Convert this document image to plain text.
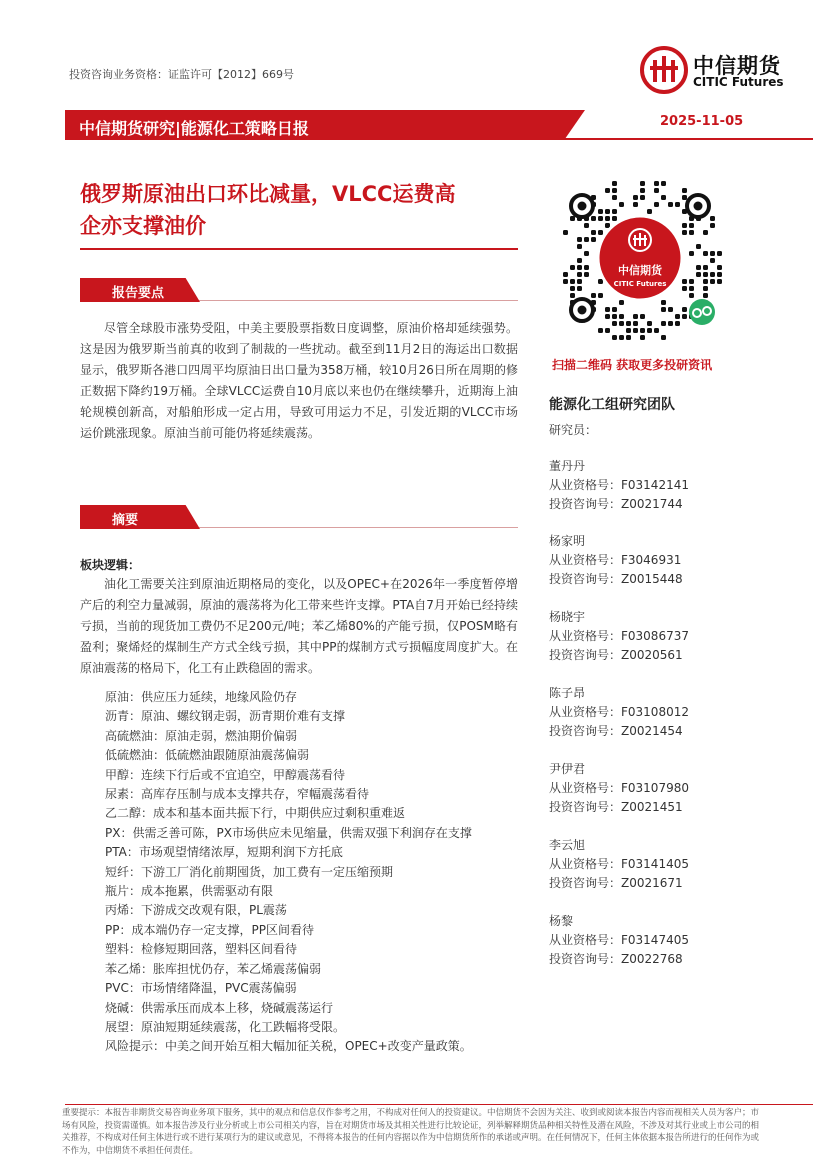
投资咨询业务资格：证监许可【2012】669号	中信期货
CITIC Futures
中信期货研究|能源化工策略日报	2025-11-05
俄罗斯原油出口环比减量，VLCC运费高
企亦支撑油价
报告要点
尽管全球股市涨势受阻，中美主要股票指数日度调整，原油价格却延续强势。这是因为俄罗斯当前真的收到了制裁的一些扰动。截至到11月2日的海运出口数据显示，俄罗斯各港口四周平均原油日出口量为358万桶，较10月26日所在周期的修正数据下降约19万桶。全球VLCC运费自10月底以来也仍在继续攀升，近期海上油轮规模创新高，对船舶形成一定占用，导致可用运力不足，引发近期的VLCC市场运价跳涨现象。原油当前可能仍将延续震荡。
摘要
板块逻辑：
油化工需要关注到原油近期格局的变化，以及OPEC+在2026年一季度暂停增产后的利空力量减弱，原油的震荡将为化工带来些许支撑。PTA自7月开始已经持续亏损，当前的现货加工费仍不足200元/吨；苯乙烯80%的产能亏损，仅POSM略有盈利；聚烯烃的煤制生产方式全线亏损，其中PP的煤制方式亏损幅度周度扩大。在原油震荡的格局下，化工有止跌稳固的需求。
原油：供应压力延续，地缘风险仍存
沥青：原油、螺纹钢走弱，沥青期价难有支撑
高硫燃油：原油走弱，燃油期价偏弱
低硫燃油：低硫燃油跟随原油震荡偏弱
甲醇：连续下行后或不宜追空，甲醇震荡看待
尿素：高库存压制与成本支撑共存，窄幅震荡看待
乙二醇：成本和基本面共振下行，中期供应过剩积重难返
PX：供需乏善可陈，PX市场供应未见缩量，供需双强下利润存在支撑
PTA：市场观望情绪浓厚，短期利润下方托底
短纤：下游工厂消化前期囤货，加工费有一定压缩预期
瓶片：成本拖累，供需驱动有限
丙烯：下游成交改观有限，PL震荡
PP：成本端仍存一定支撑，PP区间看待
塑料：检修短期回落，塑料区间看待
苯乙烯：胀库担忧仍存，苯乙烯震荡偏弱
PVC：市场情绪降温，PVC震荡偏弱
烧碱：供需承压而成本上移，烧碱震荡运行
展望：原油短期延续震荡，化工跌幅将受限。
风险提示：中美之间开始互相大幅加征关税，OPEC+改变产量政策。
中信期货
CITIC Futures
扫描二维码 获取更多投研资讯
能源化工组研究团队
研究员：
董丹丹
从业资格号：F03142141
投资咨询号：Z0021744
杨家明
从业资格号：F3046931
投资咨询号：Z0015448
杨晓宇
从业资格号：F03086737
投资咨询号：Z0020561
陈子昂
从业资格号：F03108012
投资咨询号：Z0021454
尹伊君
从业资格号：F03107980
投资咨询号：Z0021451
李云旭
从业资格号：F03141405
投资咨询号：Z0021671
杨黎
从业资格号：F03147405
投资咨询号：Z0022768
重要提示：本报告非期货交易咨询业务项下服务，其中的观点和信息仅作参考之用，不构成对任何人的投资建议。中信期货不会因为关注、收到或阅读本报告内容而视相关人员为客户；市场有风险，投资需谨慎。如本报告涉及行业分析或上市公司相关内容，旨在对期货市场及其相关性进行比较论证，列举解释期货品种相关特性及潜在风险，不涉及对其行业或上市公司的相关推荐，不构成对任何主体进行或不进行某项行为的建议或意见，不得将本报告的任何内容据以作为中信期货所作的承诺或声明。在任何情况下，任何主体依据本报告所进行的任何作为或不作为，中信期货不承担任何责任。
